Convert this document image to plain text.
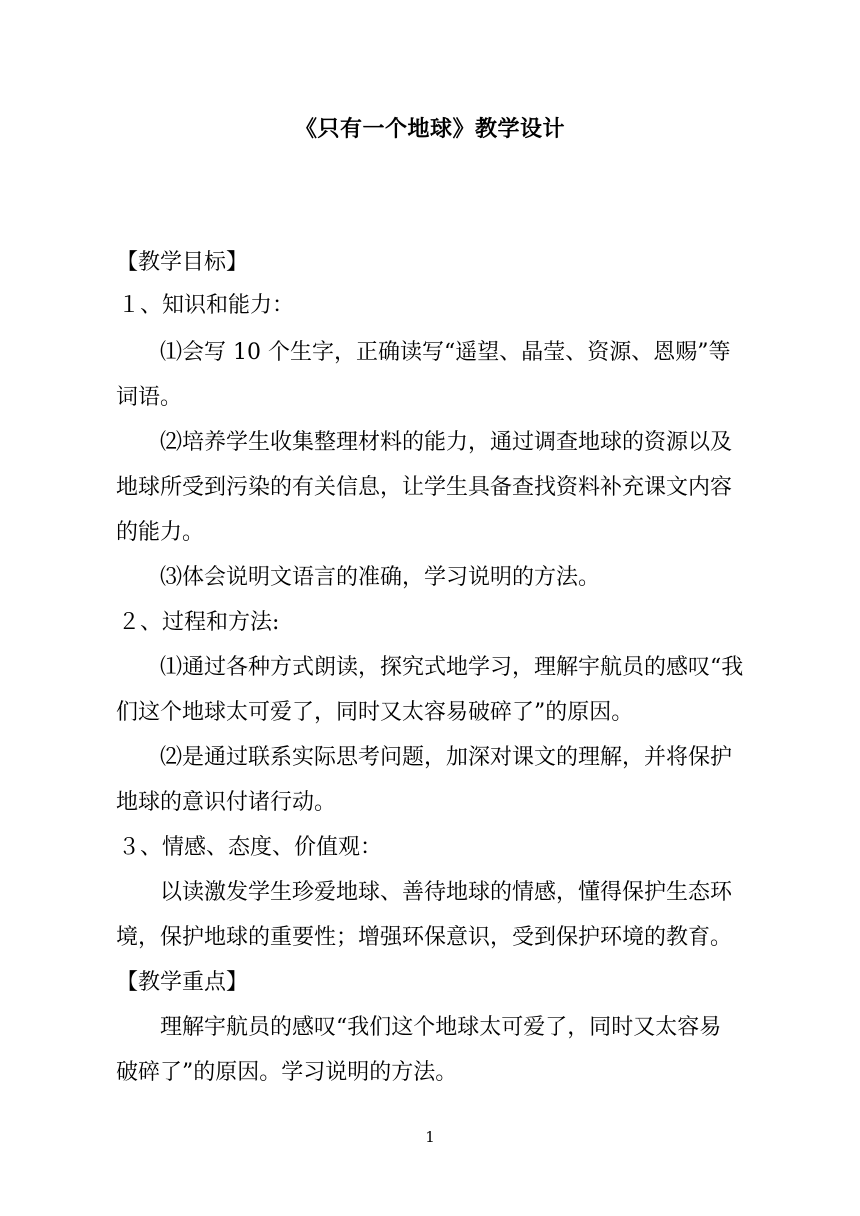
《只有一个地球》教学设计
【教学目标】
１、知识和能力：
⑴会写 10 个生字，正确读写“遥望、晶莹、资源、恩赐”等
词语。
⑵培养学生收集整理材料的能力，通过调查地球的资源以及
地球所受到污染的有关信息，让学生具备查找资料补充课文内容
的能力。
⑶体会说明文语言的准确，学习说明的方法。
２、过程和方法:
⑴通过各种方式朗读，探究式地学习，理解宇航员的感叹“我
们这个地球太可爱了，同时又太容易破碎了”的原因。
⑵是通过联系实际思考问题，加深对课文的理解，并将保护
地球的意识付诸行动。
３、情感、态度、价值观：
以读激发学生珍爱地球、善待地球的情感，懂得保护生态环
境，保护地球的重要性；增强环保意识，受到保护环境的教育。
【教学重点】
理解宇航员的感叹“我们这个地球太可爱了，同时又太容易
破碎了”的原因。学习说明的方法。
1
